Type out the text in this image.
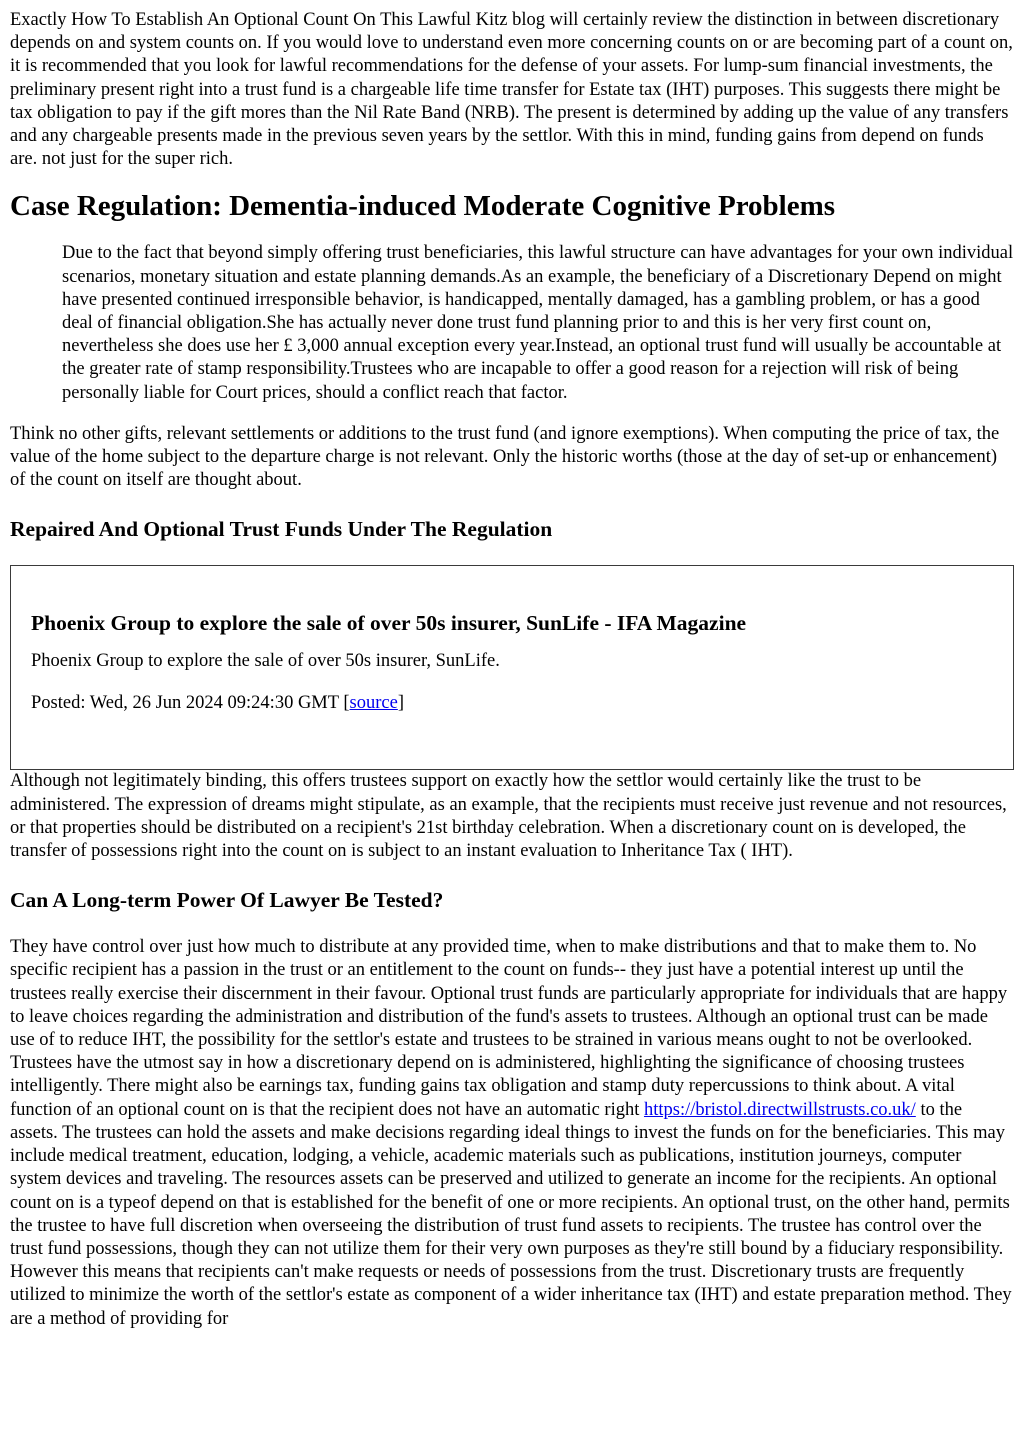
Exactly How To Establish An Optional Count On This Lawful Kitz blog will certainly review the distinction in between discretionary depends on and system counts on. If you would love to understand even more concerning counts on or are becoming part of a count on, it is recommended that you look for lawful recommendations for the defense of your assets. For lump-sum financial investments, the preliminary present right into a trust fund is a chargeable life time transfer for Estate tax (IHT) purposes. This suggests there might be tax obligation to pay if the gift mores than the Nil Rate Band (NRB). The present is determined by adding up the value of any transfers and any chargeable presents made in the previous seven years by the settlor. With this in mind, funding gains from depend on funds are. not just for the super rich.

Case Regulation: Dementia-induced Moderate Cognitive Problems
Due to the fact that beyond simply offering trust beneficiaries, this lawful structure can have advantages for your own individual scenarios, monetary situation and estate planning demands.As an example, the beneficiary of a Discretionary Depend on might have presented continued irresponsible behavior, is handicapped, mentally damaged, has a gambling problem, or has a good deal of financial obligation.She has actually never done trust fund planning prior to and this is her very first count on, nevertheless she does use her £ 3,000 annual exception every year.Instead, an optional trust fund will usually be accountable at the greater rate of stamp responsibility.Trustees who are incapable to offer a good reason for a rejection will risk of being personally liable for Court prices, should a conflict reach that factor.

Think no other gifts, relevant settlements or additions to the trust fund (and ignore exemptions). When computing the price of tax, the value of the home subject to the departure charge is not relevant. Only the historic worths (those at the day of set-up or enhancement) of the count on itself are thought about.

Repaired And Optional Trust Funds Under The Regulation
Phoenix Group to explore the sale of over 50s insurer, SunLife - IFA Magazine

Phoenix Group to explore the sale of over 50s insurer, SunLife.

Posted: Wed, 26 Jun 2024 09:24:30 GMT [source]

Although not legitimately binding, this offers trustees support on exactly how the settlor would certainly like the trust to be administered. The expression of dreams might stipulate, as an example, that the recipients must receive just revenue and not resources, or that properties should be distributed on a recipient's 21st birthday celebration. When a discretionary count on is developed, the transfer of possessions right into the count on is subject to an instant evaluation to Inheritance Tax ( IHT).

Can A Long-term Power Of Lawyer Be Tested?

They have control over just how much to distribute at any provided time, when to make distributions and that to make them to. No specific recipient has a passion in the trust or an entitlement to the count on funds-- they just have a potential interest up until the trustees really exercise their discernment in their favour. Optional trust funds are particularly appropriate for individuals that are happy to leave choices regarding the administration and distribution of the fund's assets to trustees. Although an optional trust can be made use of to reduce IHT, the possibility for the settlor's estate and trustees to be strained in various means ought to not be overlooked. Trustees have the utmost say in how a discretionary depend on is administered, highlighting the significance of choosing trustees intelligently. There might also be earnings tax, funding gains tax obligation and stamp duty repercussions to think about. A vital function of an optional count on is that the recipient does not have an automatic right https://bristol.directwillstrusts.co.uk/ to the assets. The trustees can hold the assets and make decisions regarding ideal things to invest the funds on for the beneficiaries. This may include medical treatment, education, lodging, a vehicle, academic materials such as publications, institution journeys, computer system devices and traveling. The resources assets can be preserved and utilized to generate an income for the recipients. An optional count on is a typeof depend on that is established for the benefit of one or more recipients. An optional trust, on the other hand, permits the trustee to have full discretion when overseeing the distribution of trust fund assets to recipients. The trustee has control over the trust fund possessions, though they can not utilize them for their very own purposes as they're still bound by a fiduciary responsibility. However this means that recipients can't make requests or needs of possessions from the trust. Discretionary trusts are frequently utilized to minimize the worth of the settlor's estate as component of a wider inheritance tax (IHT) and estate preparation method. They are a method of providing for
